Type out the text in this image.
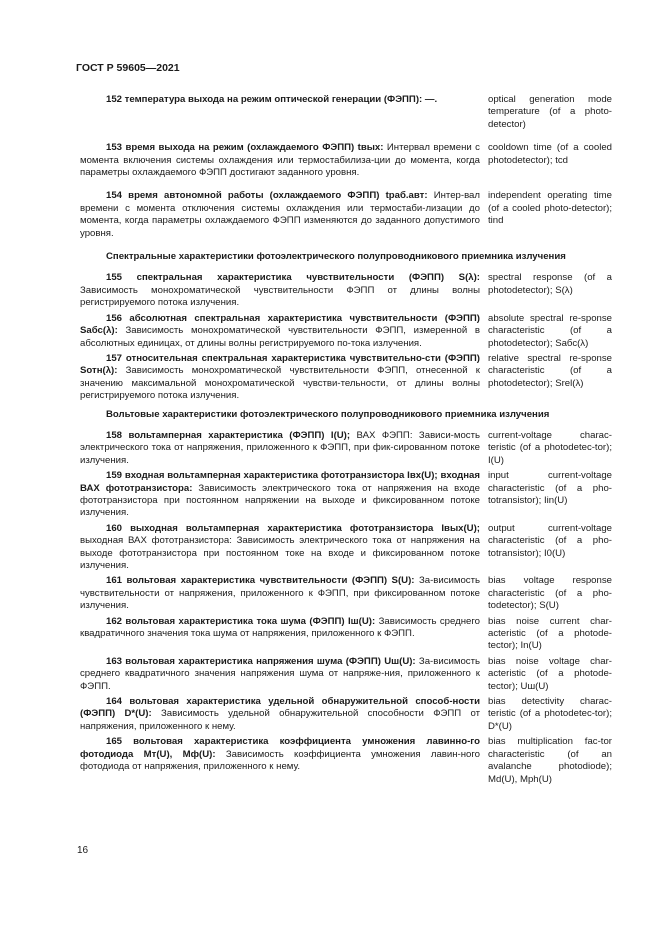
ГОСТ Р 59605—2021

152 температура выхода на режим оптической генерации (ФЭПП): —.	optical generation mode temperature (of a photo-detector)

153 время выхода на режим (охлаждаемого ФЭПП) tвых: Интервал времени с момента включения системы охлаждения или термостабилиза-ции до момента, когда параметры охлаждаемого ФЭПП достигают заданного уровня.

cooldown time (of a cooled photodetector); tcd

154 время автономной работы (охлаждаемого ФЭПП) tраб.авт: Интер-вал времени с момента отключения системы охлаждения или термостаби-лизации до момента, когда параметры охлаждаемого ФЭПП изменяются до заданного допустимого уровня.

independent operating time (of a cooled photo-detector); tind
Спектральные характеристики фотоэлектрического полупроводникового приемника излучения

155 спектральная характеристика чувствительности (ФЭПП) S(λ): Зависимость монохроматической чувствительности ФЭПП от длины волны регистрируемого потока излучения.

spectral response (of a photodetector); S(λ)

156 абсолютная спектральная характеристика чувствительности (ФЭПП) Sабс(λ): Зависимость монохроматической чувствительности ФЭПП, измеренной в абсолютных единицах, от длины волны регистрируемого по-тока излучения.

absolute spectral re-sponse characteristic (of a photodetector); Sабс(λ)

157 относительная спектральная характеристика чувствительно-сти (ФЭПП) Sотн(λ): Зависимость монохроматической чувствительности ФЭПП, отнесенной к значению максимальной монохроматической чувстви-тельности, от длины волны регистрируемого потока излучения.

relative spectral re-sponse characteristic (of a photodetector); Srel(λ)
Вольтовые характеристики фотоэлектрического полупроводникового приемника излучения

158 вольтамперная характеристика (ФЭПП) I(U); ВАХ ФЭПП: Зависи-мость электрического тока от напряжения, приложенного к ФЭПП, при фик-сированном потоке излучения.

current-voltage charac-teristic (of a photodetec-tor); I(U)

159 входная вольтамперная характеристика фототранзистора Iвх(U); входная ВАХ фототранзистора: Зависимость электрического тока от напряжения на входе фототранзистора при постоянном напряжении на выходе и фиксированном потоке излучения.

input current-voltage characteristic (of a pho-totransistor); Iin(U)

160 выходная вольтамперная характеристика фототранзистора Iвых(U); выходная ВАХ фототранзистора: Зависимость электрического тока от напряжения на выходе фототранзистора при постоянном токе на входе и фиксированном потоке излучения.

output current-voltage characteristic (of a pho-totransistor); I0(U)

161 вольтовая характеристика чувствительности (ФЭПП) S(U): За-висимость чувствительности от напряжения, приложенного к ФЭПП, при фиксированном потоке излучения.

bias voltage response characteristic (of a pho-todetector); S(U)

162 вольтовая характеристика тока шума (ФЭПП) Iш(U): Зависимость среднего квадратичного значения тока шума от напряжения, приложенного к ФЭПП.

bias noise current char-acteristic (of a photode-tector); In(U)

163 вольтовая характеристика напряжения шума (ФЭПП) Uш(U): За-висимость среднего квадратичного значения напряжения шума от напряже-ния, приложенного к ФЭПП.

bias noise voltage char-acteristic (of a photode-tector); Uш(U)

164 вольтовая характеристика удельной обнаружительной способ-ности (ФЭПП) D*(U): Зависимость удельной обнаружительной способности ФЭПП от напряжения, приложенного к нему.

bias detectivity charac-teristic (of a photodetec-tor); D*(U)

165 вольтовая характеристика коэффициента умножения лавинно-го фотодиода Mт(U), Mф(U): Зависимость коэффициента умножения лавин-ного фотодиода от напряжения, приложенного к нему.

bias multiplication fac-tor characteristic (of an avalanche photodiode); Md(U), Mph(U)
16
